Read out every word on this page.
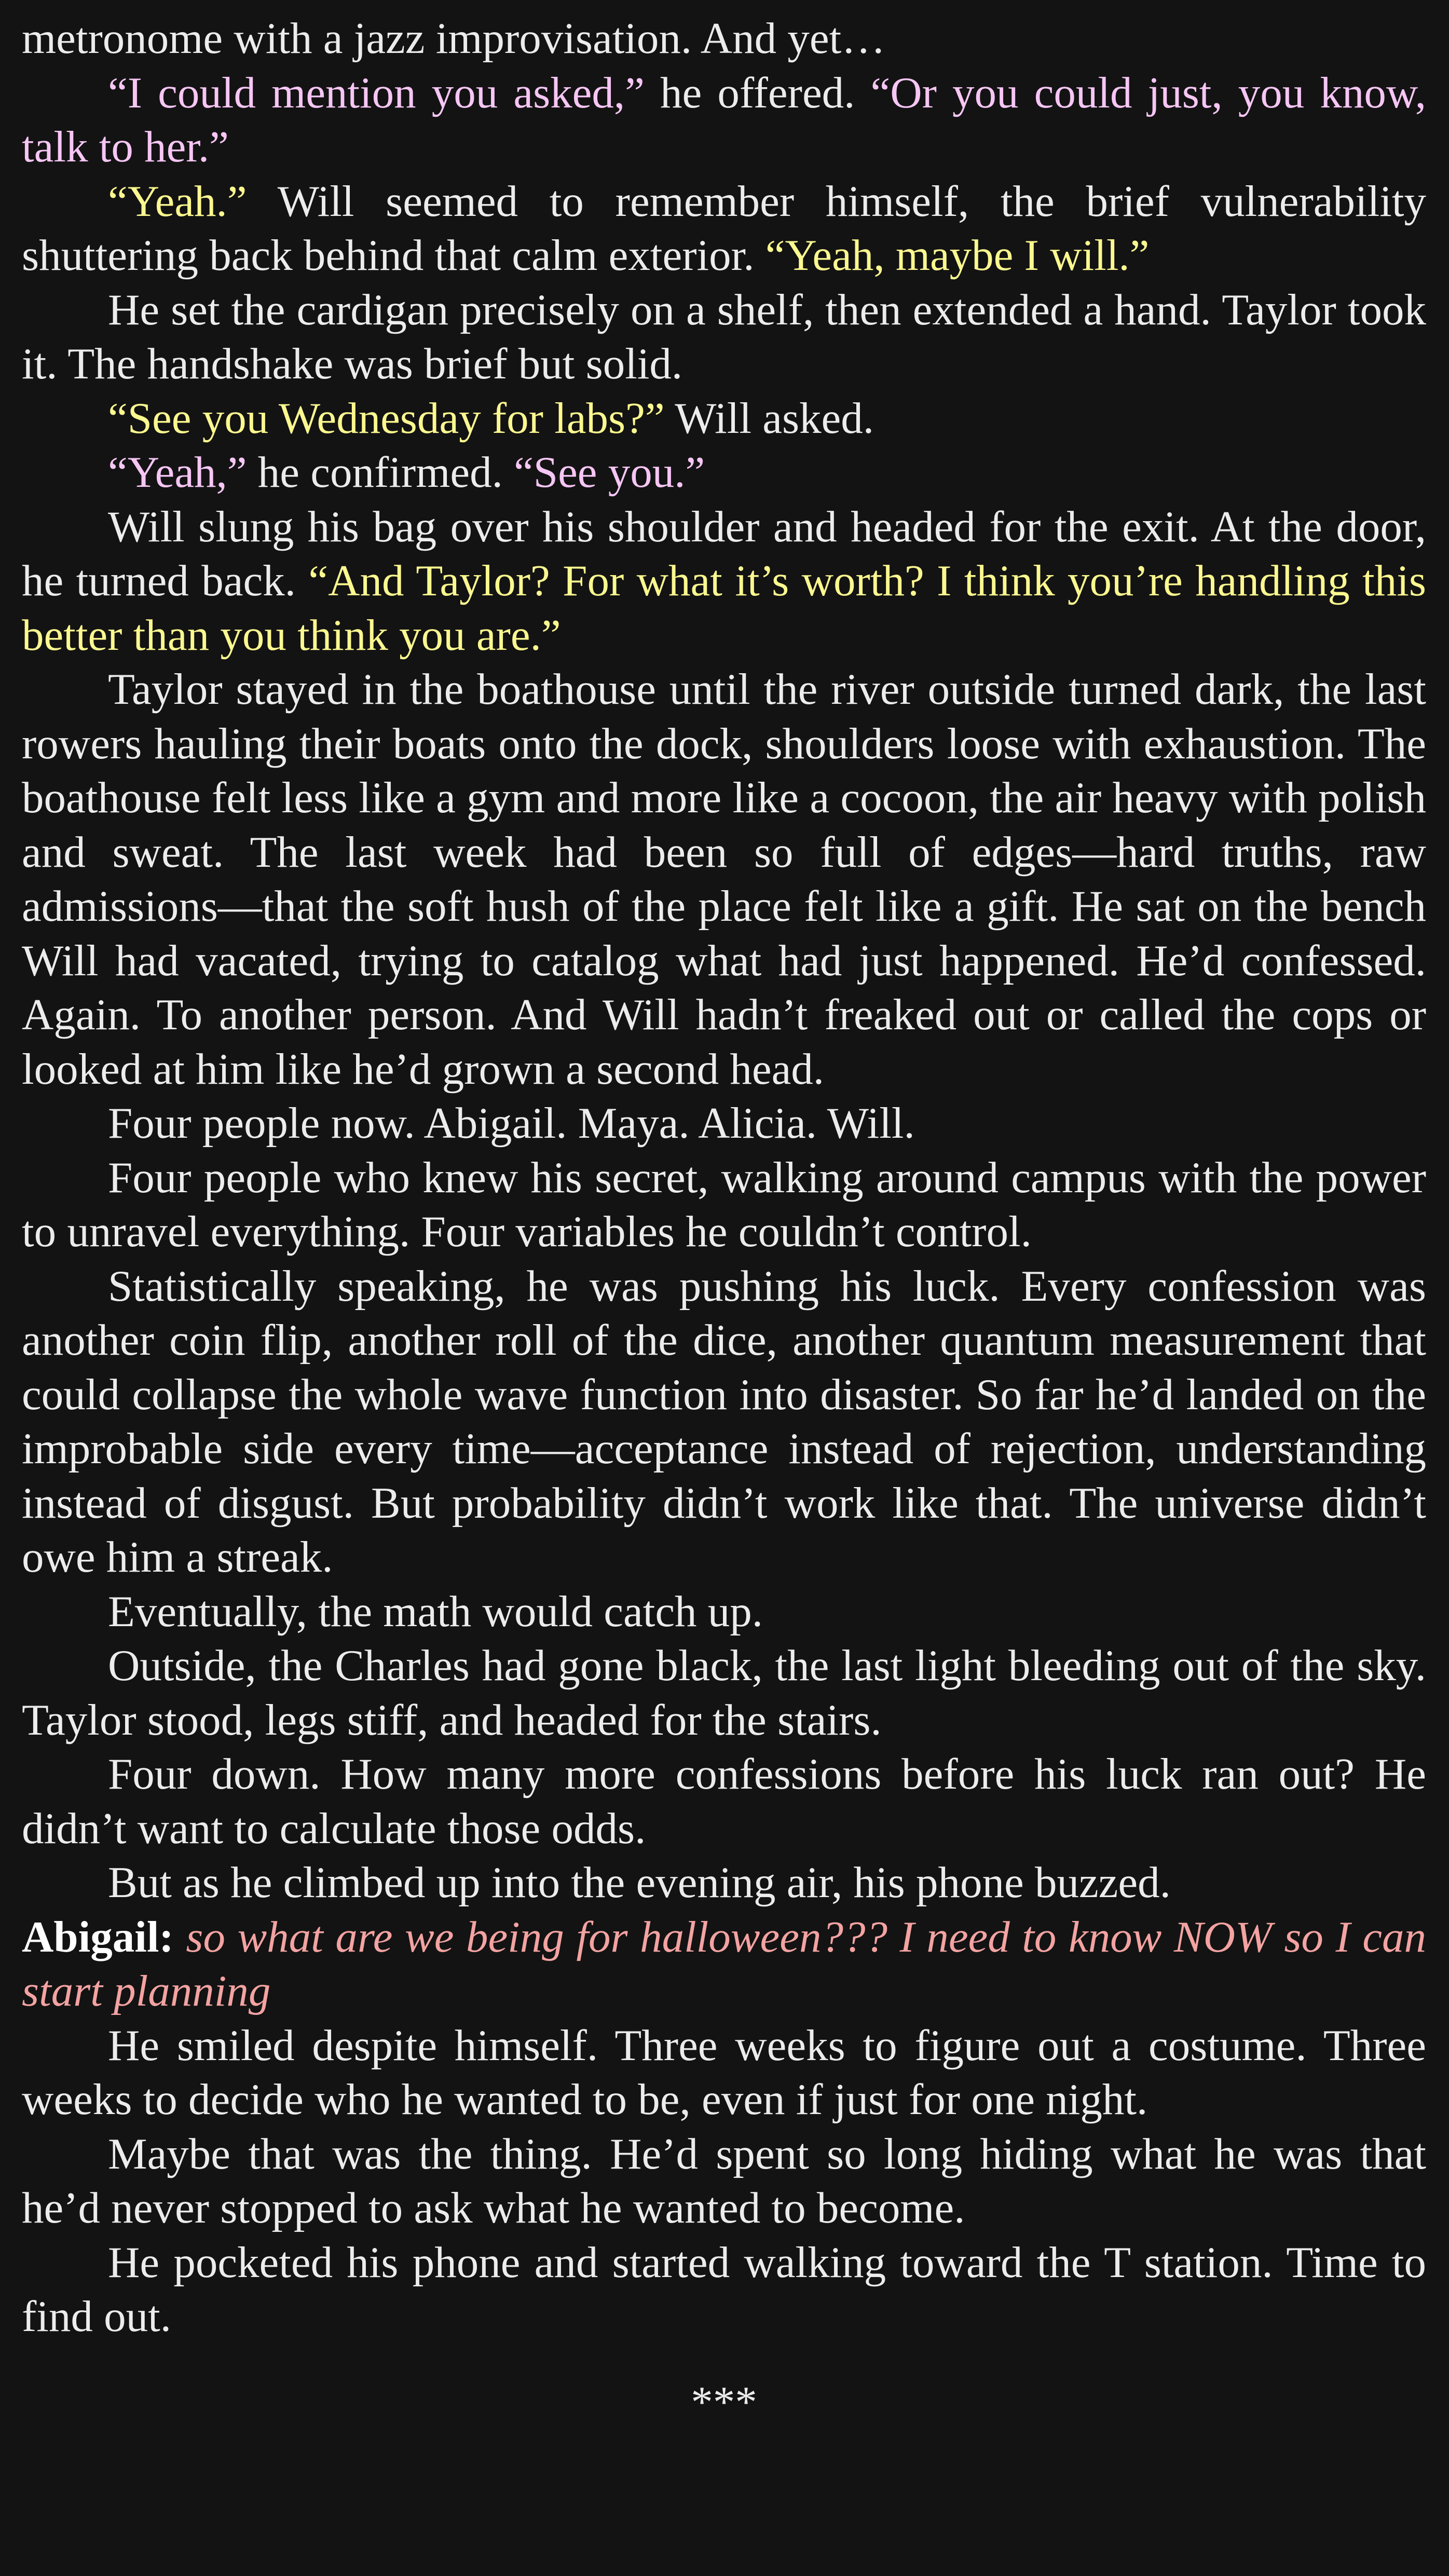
metronome with a jazz improvisation. And yet…

“I could mention you asked,” he offered. “Or you could just, you know, talk to her.”

“Yeah.” Will seemed to remember himself, the brief vulnerability shuttering back behind that calm exterior. “Yeah, maybe I will.”

He set the cardigan precisely on a shelf, then extended a hand. Taylor took it. The handshake was brief but solid.

“See you Wednesday for labs?” Will asked.

“Yeah,” he confirmed. “See you.”

Will slung his bag over his shoulder and headed for the exit. At the door, he turned back. “And Taylor? For what it’s worth? I think you’re handling this better than you think you are.”

Taylor stayed in the boathouse until the river outside turned dark, the last rowers hauling their boats onto the dock, shoulders loose with exhaustion. The boathouse felt less like a gym and more like a cocoon, the air heavy with polish and sweat. The last week had been so full of edges—hard truths, raw admissions—that the soft hush of the place felt like a gift. He sat on the bench Will had vacated, trying to catalog what had just happened. He’d confessed. Again. To another person. And Will hadn’t freaked out or called the cops or looked at him like he’d grown a second head.

Four people now. Abigail. Maya. Alicia. Will.

Four people who knew his secret, walking around campus with the power to unravel everything. Four variables he couldn’t control.

Statistically speaking, he was pushing his luck. Every confession was another coin flip, another roll of the dice, another quantum measurement that could collapse the whole wave function into disaster. So far he’d landed on the improbable side every time—acceptance instead of rejection, understanding instead of disgust. But probability didn’t work like that. The universe didn’t owe him a streak.

Eventually, the math would catch up.

Outside, the Charles had gone black, the last light bleeding out of the sky. Taylor stood, legs stiff, and headed for the stairs.

Four down. How many more confessions before his luck ran out? He didn’t want to calculate those odds.

But as he climbed up into the evening air, his phone buzzed.

Abigail: so what are we being for halloween??? I need to know NOW so I can start planning

He smiled despite himself. Three weeks to figure out a costume. Three weeks to decide who he wanted to be, even if just for one night.

Maybe that was the thing. He’d spent so long hiding what he was that he’d never stopped to ask what he wanted to become.

He pocketed his phone and started walking toward the T station. Time to find out.

***
